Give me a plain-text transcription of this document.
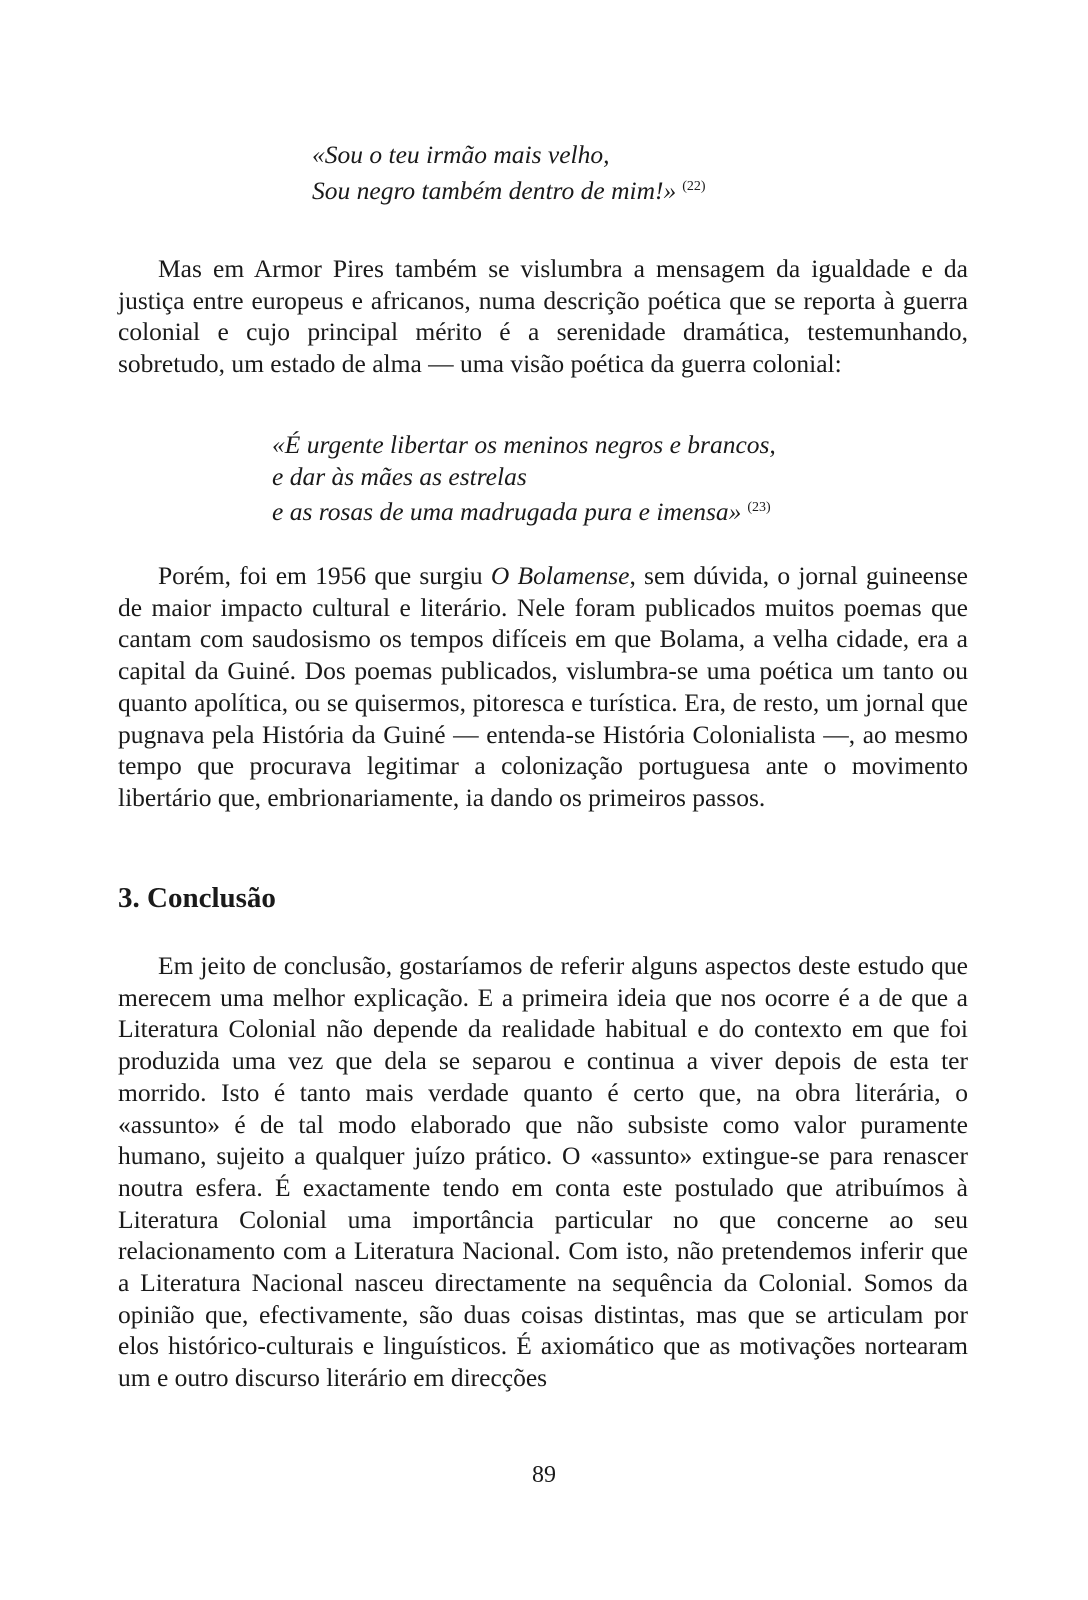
«Sou o teu irmão mais velho,
Sou negro também dentro de mim!» $^{(22)}$

Mas em Armor Pires também se vislumbra a mensagem da igualdade e da justiça entre europeus e africanos, numa descrição poética que se reporta à guerra colonial e cujo principal mérito é a serenidade dramática, testemunhando, sobretudo, um estado de alma — uma visão poética da guerra colonial:

«É urgente libertar os meninos negros e brancos,
e dar às mães as estrelas
e as rosas de uma madrugada pura e imensa» $^{(23)}$

Porém, foi em 1956 que surgiu O Bolamense, sem dúvida, o jornal guineense de maior impacto cultural e literário. Nele foram publicados muitos poemas que cantam com saudosismo os tempos difíceis em que Bolama, a velha cidade, era a capital da Guiné. Dos poemas publicados, vislumbra-se uma poética um tanto ou quanto apolítica, ou se quisermos, pitoresca e turística. Era, de resto, um jornal que pugnava pela História da Guiné — entenda-se História Colonialista —, ao mesmo tempo que procurava legitimar a colonização portuguesa ante o movimento libertário que, embrionariamente, ia dando os primeiros passos.

3. Conclusão

Em jeito de conclusão, gostaríamos de referir alguns aspectos deste estudo que merecem uma melhor explicação. E a primeira ideia que nos ocorre é a de que a Literatura Colonial não depende da realidade habitual e do contexto em que foi produzida uma vez que dela se separou e continua a viver depois de esta ter morrido. Isto é tanto mais verdade quanto é certo que, na obra literária, o «assunto» é de tal modo elaborado que não subsiste como valor puramente humano, sujeito a qualquer juízo prático. O «assunto» extingue-se para renascer noutra esfera. É exactamente tendo em conta este postulado que atribuímos à Literatura Colonial uma importância particular no que concerne ao seu relacionamento com a Literatura Nacional. Com isto, não pretendemos inferir que a Literatura Nacional nasceu directamente na sequência da Colonial. Somos da opinião que, efectivamente, são duas coisas distintas, mas que se articulam por elos histórico-culturais e linguísticos. É axiomático que as motivações nortearam um e outro discurso literário em direcções

89
